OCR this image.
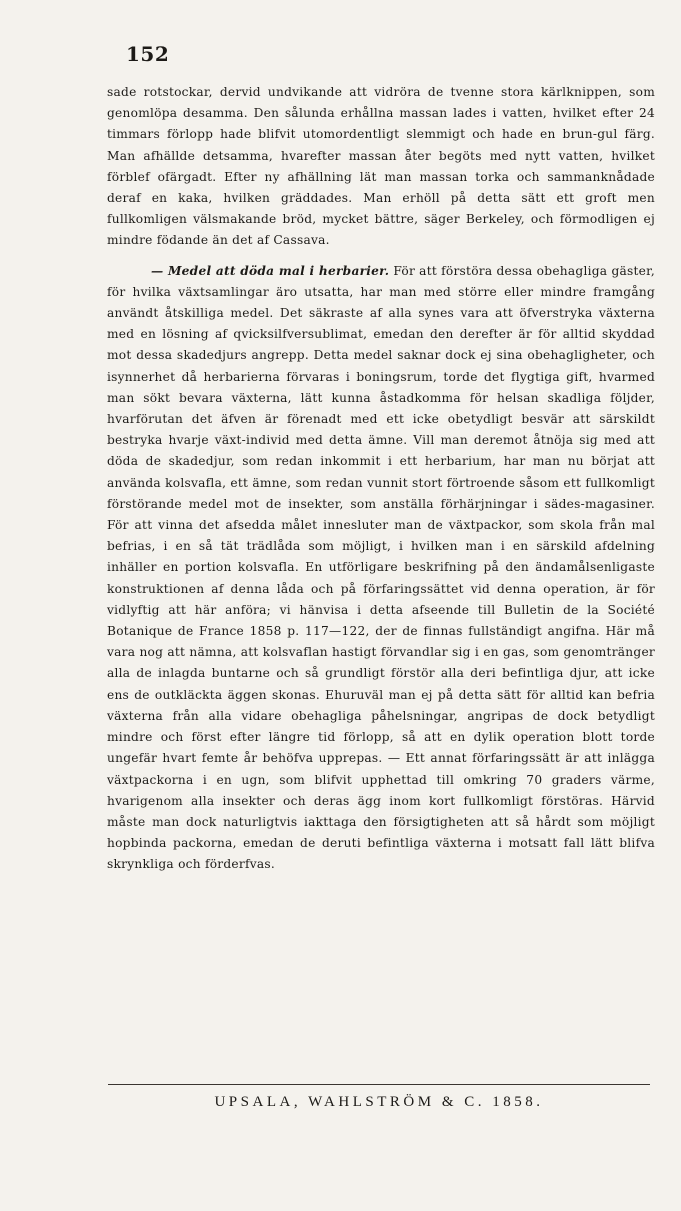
152

sade rotstockar, dervid undvikande att vidröra de tvenne stora kärlknippen, som genomlöpa desamma. Den sålunda erhållna massan lades i vatten, hvilket efter 24 timmars förlopp hade blifvit utomordentligt slemmigt och hade en brun-gul färg. Man afhällde detsamma, hvarefter massan åter begöts med nytt vatten, hvilket förblef ofärgadt. Efter ny afhällning lät man massan torka och sammanknådade deraf en kaka, hvilken gräddades. Man erhöll på detta sätt ett groft men fullkomligen välsmakande bröd, mycket bättre, säger Berkeley, och förmodligen ej mindre födande än det af Cassava.

— Medel att döda mal i herbarier. För att förstöra dessa obehagliga gäster, för hvilka växtsamlingar äro utsatta, har man med större eller mindre framgång användt åtskilliga medel. Det säkraste af alla synes vara att öfverstryka växterna med en lösning af qvicksilfversublimat, emedan den derefter är för alltid skyddad mot dessa skadedjurs angrepp. Detta medel saknar dock ej sina obehagligheter, och isynnerhet då herbarierna förvaras i boningsrum, torde det flygtiga gift, hvarmed man sökt bevara växterna, lätt kunna åstadkomma för helsan skadliga följder, hvarförutan det äfven är förenadt med ett icke obetydligt besvär att särskildt bestryka hvarje växt-individ med detta ämne. Vill man deremot åtnöja sig med att döda de skadedjur, som redan inkommit i ett herbarium, har man nu börjat att använda kolsvafla, ett ämne, som redan vunnit stort förtroende såsom ett fullkomligt förstörande medel mot de insekter, som anställa förhärjningar i sädes-magasiner. För att vinna det afsedda målet innesluter man de växtpackor, som skola från mal befrias, i en så tät trädlåda som möjligt, i hvilken man i en särskild afdelning inhäller en portion kolsvafla. En utförligare beskrifning på den ändamålsenligaste konstruktionen af denna låda och på förfaringssättet vid denna operation, är för vidlyftig att här anföra; vi hänvisa i detta afseende till Bulletin de la Société Botanique de France 1858 p. 117—122, der de finnas fullständigt angifna. Här må vara nog att nämna, att kolsvaflan hastigt förvandlar sig i en gas, som genomtränger alla de inlagda buntarne och så grundligt förstör alla deri befintliga djur, att icke ens de outkläckta äggen skonas. Ehuruväl man ej på detta sätt för alltid kan befria växterna från alla vidare obehagliga påhelsningar, angripas de dock betydligt mindre och först efter längre tid förlopp, så att en dylik operation blott torde ungefär hvart femte år behöfva upprepas. — Ett annat förfaringssätt är att inlägga växtpackorna i en ugn, som blifvit upphettad till omkring 70 graders värme, hvarigenom alla insekter och deras ägg inom kort fullkomligt förstöras. Härvid måste man dock naturligtvis iakttaga den försigtigheten att så hårdt som möjligt hopbinda packorna, emedan de deruti befintliga växterna i motsatt fall lätt blifva skrynkliga och förderfvas.

UPSALA, WAHLSTRÖM & C. 1858.
